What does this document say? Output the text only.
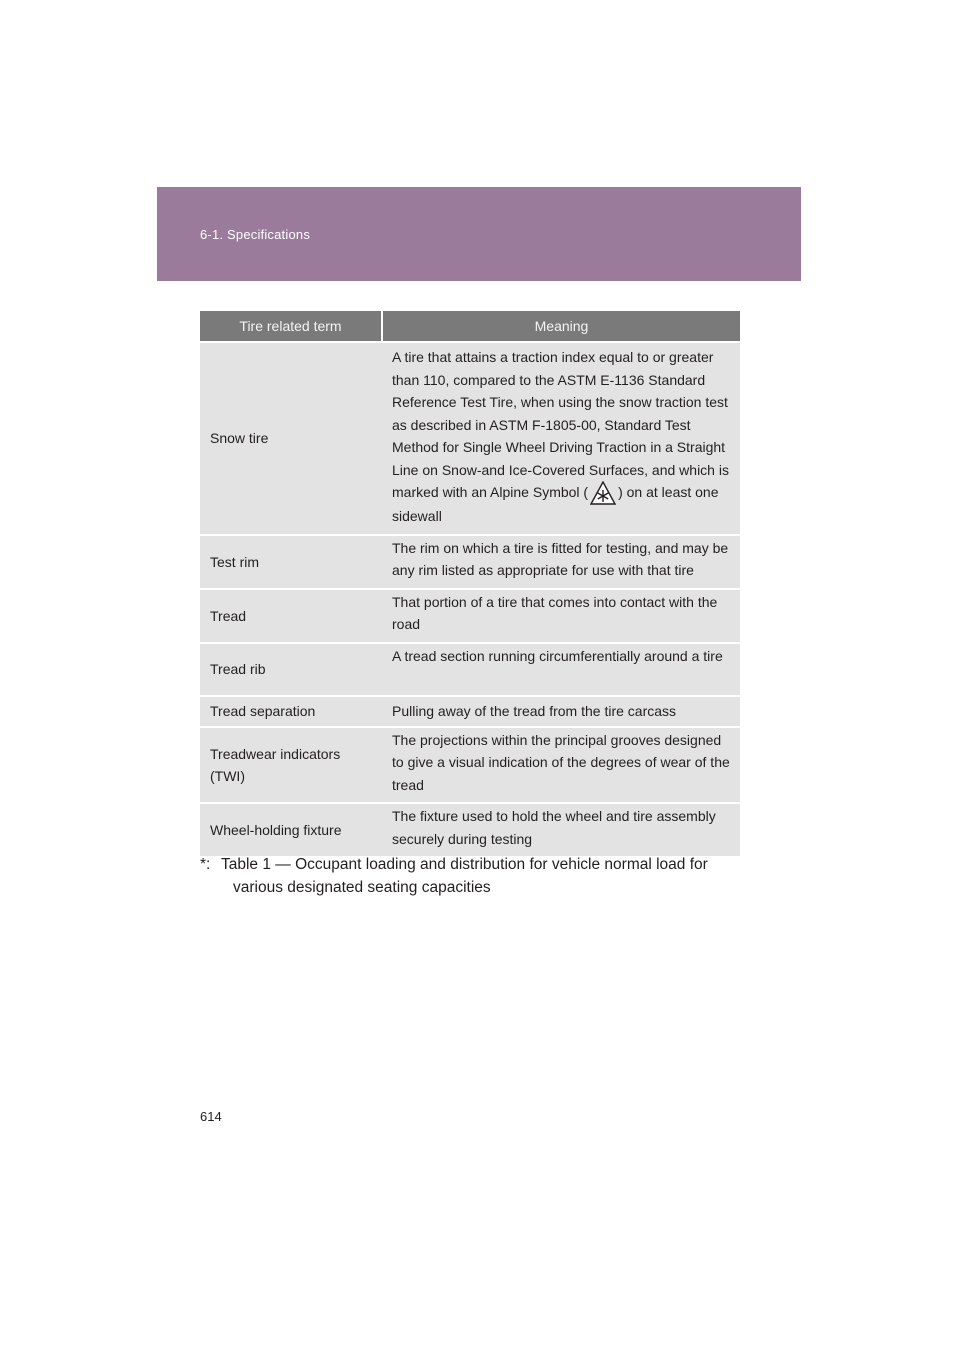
6-1. Specifications
Tire related term	Meaning
Snow tire	A tire that attains a traction index equal to or greater than 110, compared to the ASTM E-1136 Standard Reference Test Tire, when using the snow traction test as described in ASTM F-1805-00, Standard Test Method for Single Wheel Driving Traction in a Straight Line on Snow-and Ice-Covered Surfaces, and which is marked with an Alpine Symbol ( ) on at least one sidewall
Test rim	The rim on which a tire is fitted for testing, and may be any rim listed as appropriate for use with that tire
Tread	That portion of a tire that comes into contact with the road
Tread rib	A tread section running circumferentially around a tire
Tread separation	Pulling away of the tread from the tire carcass
Treadwear indicators (TWI)	The projections within the principal grooves designed to give a visual indication of the degrees of wear of the tread
Wheel-holding fixture	The fixture used to hold the wheel and tire assembly securely during testing
*: Table 1 — Occupant loading and distribution for vehicle normal load for
various designated seating capacities
614
